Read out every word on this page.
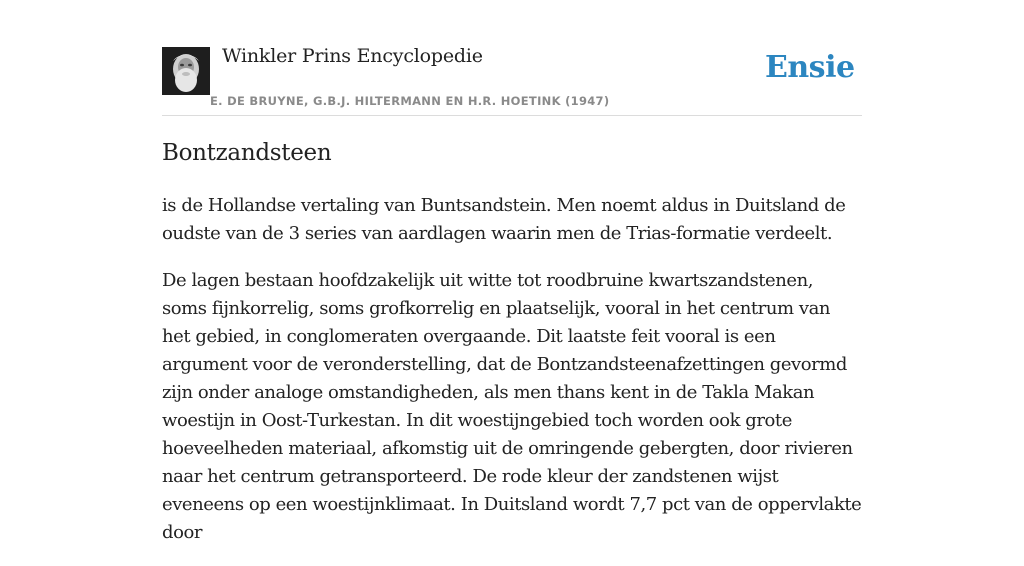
Winkler Prins Encyclopedie
E. DE BRUYNE, G.B.J. HILTERMANN EN H.R. HOETINK (1947)
Ensie
Bontzandsteen

is de Hollandse vertaling van Buntsandstein. Men noemt aldus in Duitsland de oudste van de 3 series van aardlagen waarin men de Trias-formatie verdeelt.

De lagen bestaan hoofdzakelijk uit witte tot roodbruine kwartszandstenen, soms fijnkorrelig, soms grofkorrelig en plaatselijk, vooral in het centrum van het gebied, in conglomeraten overgaande. Dit laatste feit vooral is een argument voor de veronderstelling, dat de Bontzandsteenafzettingen gevormd zijn onder analoge omstandigheden, als men thans kent in de Takla Makan woestijn in Oost-Turkestan. In dit woestijngebied toch worden ook grote hoeveelheden materiaal, afkomstig uit de omringende gebergten, door rivieren naar het centrum getransporteerd. De rode kleur der zandstenen wijst eveneens op een woestijnklimaat. In Duitsland wordt 7,7 pct van de oppervlakte door
